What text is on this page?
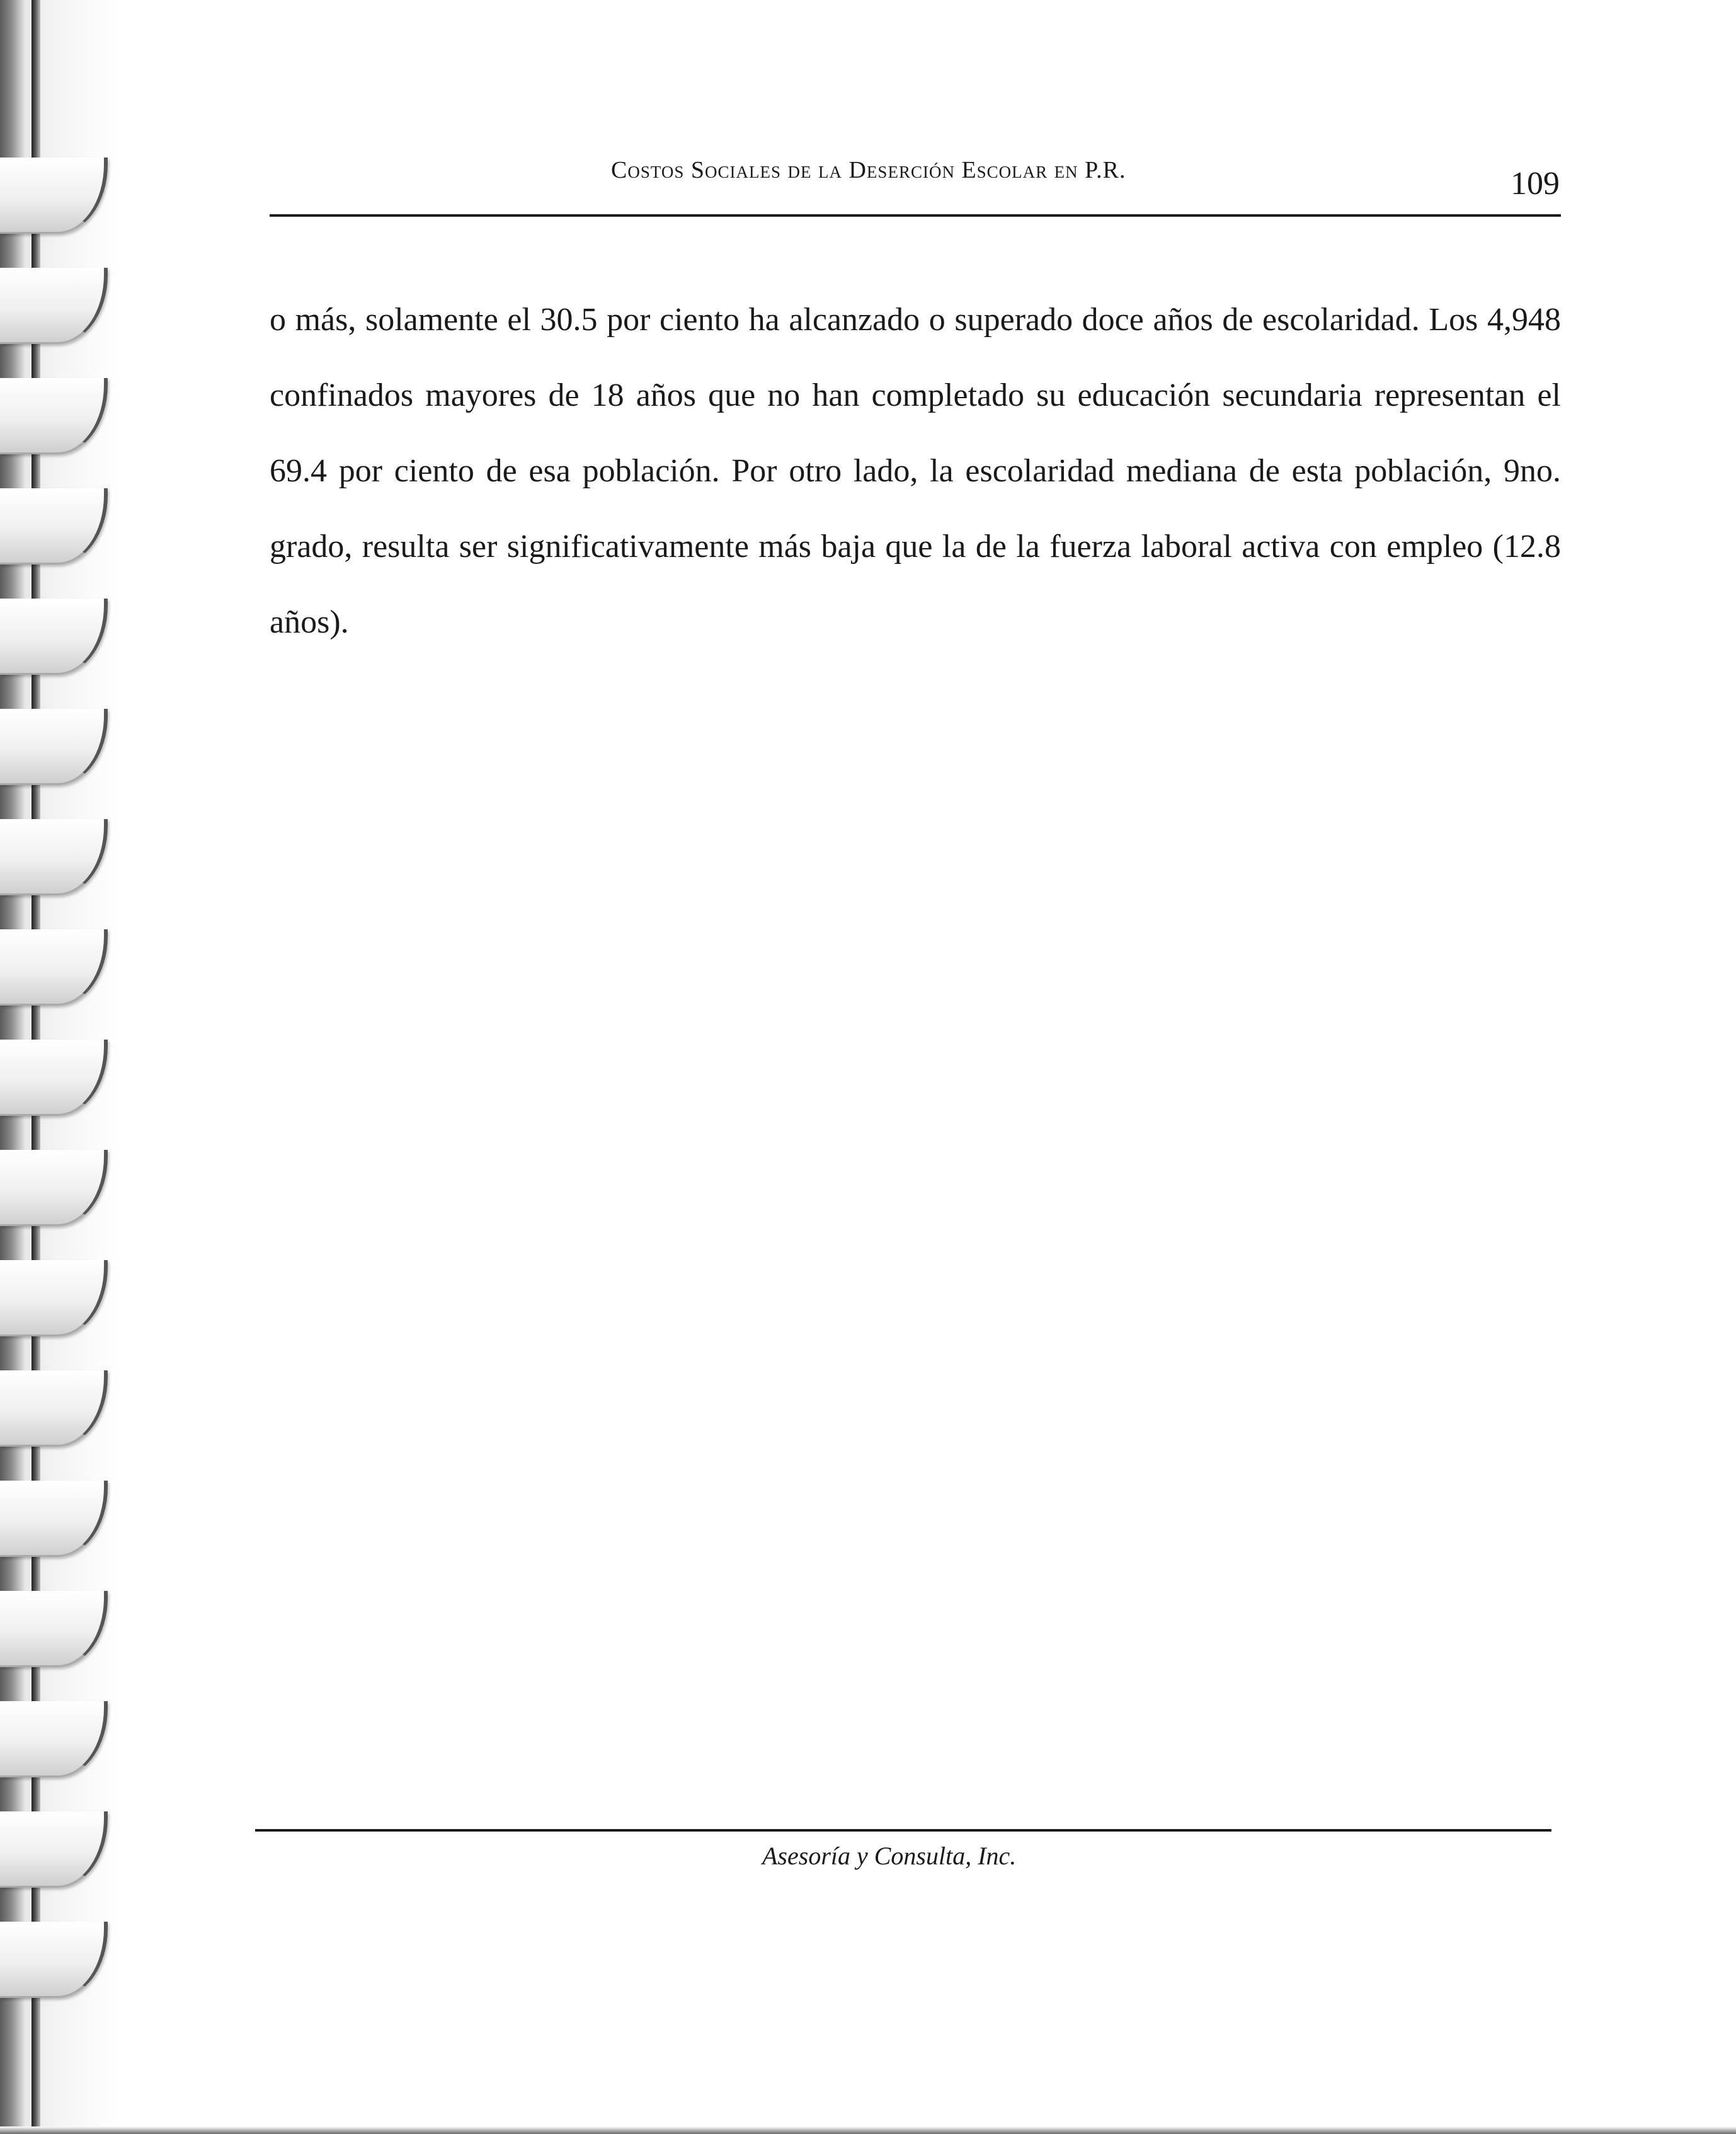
Costos Sociales de la Deserción Escolar en P.R.	109

o más, solamente el 30.5 por ciento ha alcanzado o superado doce años de escolaridad. Los 4,948 confinados mayores de 18 años que no han completado su educación secundaria representan el 69.4 por ciento de esa población. Por otro lado, la escolaridad mediana de esta población, 9no. grado, resulta ser significativamente más baja que la de la fuerza laboral activa con empleo (12.8 años).

Asesoría y Consulta, Inc.
